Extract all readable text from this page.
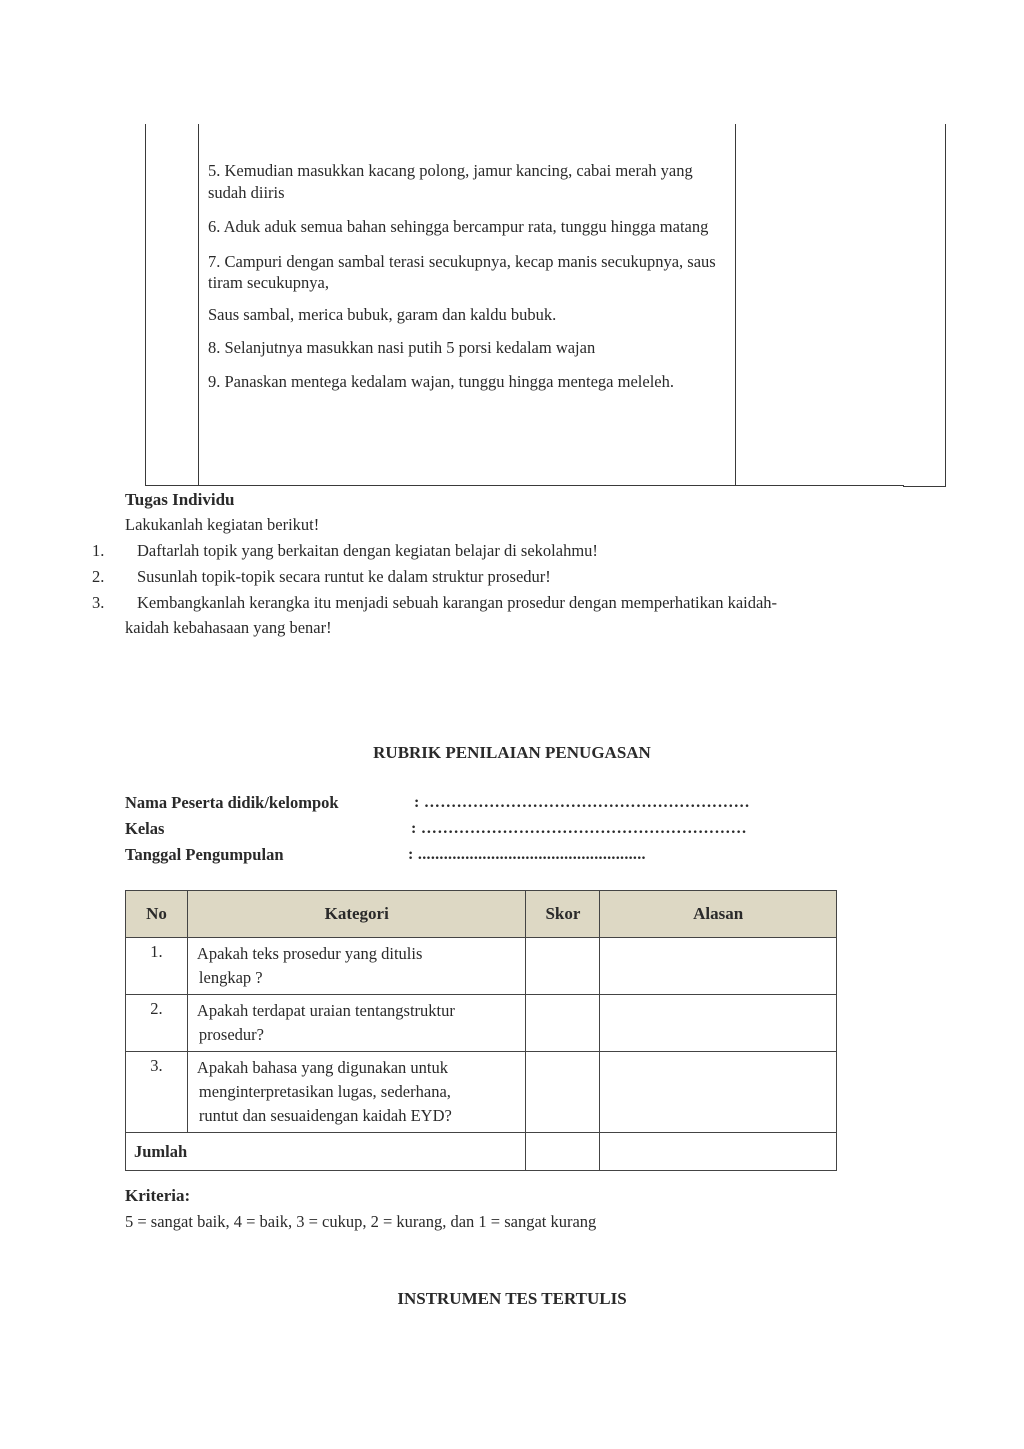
5. Kemudian masukkan kacang polong, jamur kancing, cabai merah yang sudah diiris

6. Aduk aduk semua bahan sehingga bercampur rata, tunggu hingga matang

7. Campuri dengan sambal terasi secukupnya, kecap manis secukupnya, saus tiram secukupnya,

Saus sambal, merica bubuk, garam dan kaldu bubuk.

8. Selanjutnya masukkan nasi putih 5 porsi kedalam wajan

9. Panaskan mentega kedalam wajan, tunggu hingga mentega meleleh.

Tugas Individu
Lakukanlah kegiatan berikut!
1. Daftarlah topik yang berkaitan dengan kegiatan belajar di sekolahmu!
2. Susunlah topik-topik secara runtut ke dalam struktur prosedur!
3. Kembangkanlah kerangka itu menjadi sebuah karangan prosedur dengan memperhatikan kaidah-
kaidah kebahasaan yang benar!
RUBRIK PENILAIAN PENUGASAN
Nama Peserta didik/kelompok	: ……………………………………………………
Kelas	: ……………………………………………………
Tanggal Pengumpulan	: .....................................................
No	Kategori	Skor	Alasan
1.	Apakah teks prosedur yang ditulis
lengkap ?		

2.	Apakah terdapat uraian tentangstruktur
prosedur?		

3.	Apakah bahasa yang digunakan untuk
menginterpretasikan lugas, sederhana,
runtut dan sesuaidengan kaidah EYD?		

Jumlah			
Kriteria:
5 = sangat baik, 4 = baik, 3 = cukup, 2 = kurang, dan 1 = sangat kurang
INSTRUMEN TES TERTULIS
